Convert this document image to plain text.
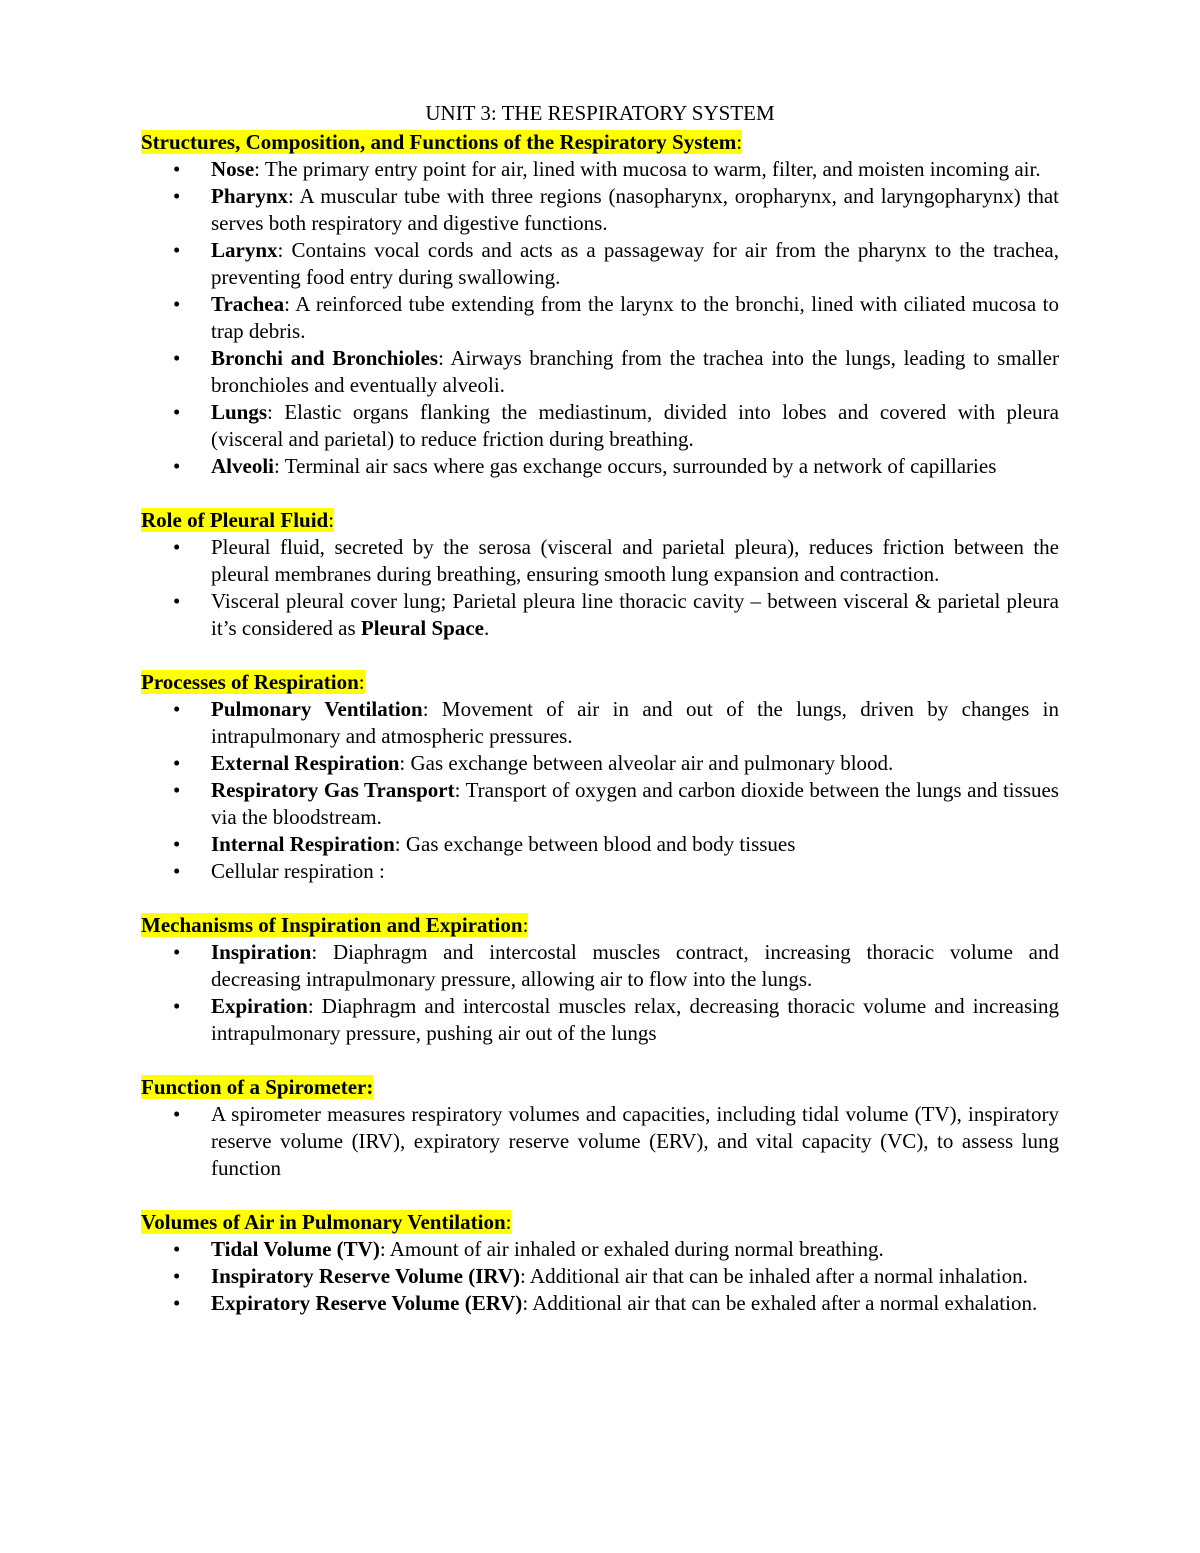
UNIT 3: THE RESPIRATORY SYSTEM

Structures, Composition, and Functions of the Respiratory System:

• Nose: The primary entry point for air, lined with mucosa to warm, filter, and moisten incoming air.
• Pharynx: A muscular tube with three regions (nasopharynx, oropharynx, and laryngopharynx) that serves both respiratory and digestive functions.
• Larynx: Contains vocal cords and acts as a passageway for air from the pharynx to the trachea, preventing food entry during swallowing.
• Trachea: A reinforced tube extending from the larynx to the bronchi, lined with ciliated mucosa to trap debris.
• Bronchi and Bronchioles: Airways branching from the trachea into the lungs, leading to smaller bronchioles and eventually alveoli.
• Lungs: Elastic organs flanking the mediastinum, divided into lobes and covered with pleura (visceral and parietal) to reduce friction during breathing.
• Alveoli: Terminal air sacs where gas exchange occurs, surrounded by a network of capillaries

Role of Pleural Fluid:

• Pleural fluid, secreted by the serosa (visceral and parietal pleura), reduces friction between the pleural membranes during breathing, ensuring smooth lung expansion and contraction.
• Visceral pleural cover lung; Parietal pleura line thoracic cavity – between visceral & parietal pleura it’s considered as Pleural Space.

Processes of Respiration:

• Pulmonary Ventilation: Movement of air in and out of the lungs, driven by changes in intrapulmonary and atmospheric pressures.
• External Respiration: Gas exchange between alveolar air and pulmonary blood.
• Respiratory Gas Transport: Transport of oxygen and carbon dioxide between the lungs and tissues via the bloodstream.
• Internal Respiration: Gas exchange between blood and body tissues
• Cellular respiration :

Mechanisms of Inspiration and Expiration:

• Inspiration: Diaphragm and intercostal muscles contract, increasing thoracic volume and decreasing intrapulmonary pressure, allowing air to flow into the lungs.
• Expiration: Diaphragm and intercostal muscles relax, decreasing thoracic volume and increasing intrapulmonary pressure, pushing air out of the lungs

Function of a Spirometer:

• A spirometer measures respiratory volumes and capacities, including tidal volume (TV), inspiratory reserve volume (IRV), expiratory reserve volume (ERV), and vital capacity (VC), to assess lung function

Volumes of Air in Pulmonary Ventilation:

• Tidal Volume (TV): Amount of air inhaled or exhaled during normal breathing.
• Inspiratory Reserve Volume (IRV): Additional air that can be inhaled after a normal inhalation.
• Expiratory Reserve Volume (ERV): Additional air that can be exhaled after a normal exhalation.
